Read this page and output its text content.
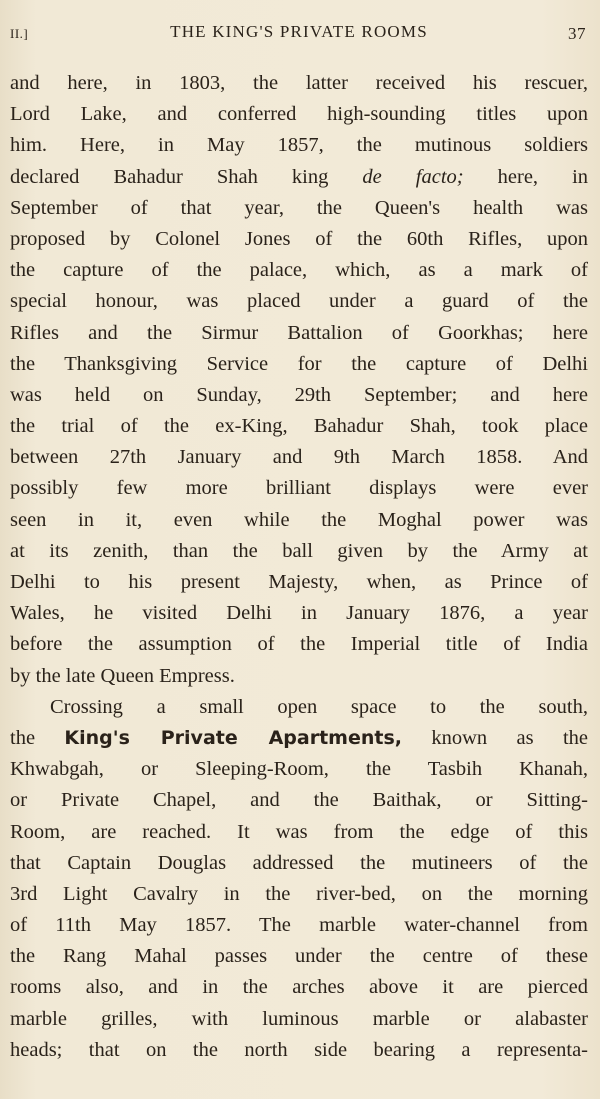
II.]	THE KING'S PRIVATE ROOMS	37
and here, in 1803, the latter received his rescuer,
Lord Lake, and conferred high-sounding titles upon
him. Here, in May 1857, the mutinous soldiers
declared Bahadur Shah king de facto; here, in
September of that year, the Queen's health was
proposed by Colonel Jones of the 60th Rifles, upon
the capture of the palace, which, as a mark of
special honour, was placed under a guard of the
Rifles and the Sirmur Battalion of Goorkhas; here
the Thanksgiving Service for the capture of Delhi
was held on Sunday, 29th September; and here
the trial of the ex-King, Bahadur Shah, took place
between 27th January and 9th March 1858. And
possibly few more brilliant displays were ever
seen in it, even while the Moghal power was
at its zenith, than the ball given by the Army at
Delhi to his present Majesty, when, as Prince of
Wales, he visited Delhi in January 1876, a year
before the assumption of the Imperial title of India
by the late Queen Empress.
Crossing a small open space to the south,
the King's Private Apartments, known as the
Khwabgah, or Sleeping-Room, the Tasbih Khanah,
or Private Chapel, and the Baithak, or Sitting-
Room, are reached. It was from the edge of this
that Captain Douglas addressed the mutineers of the
3rd Light Cavalry in the river-bed, on the morning
of 11th May 1857. The marble water-channel from
the Rang Mahal passes under the centre of these
rooms also, and in the arches above it are pierced
marble grilles, with luminous marble or alabaster
heads; that on the north side bearing a representa-
